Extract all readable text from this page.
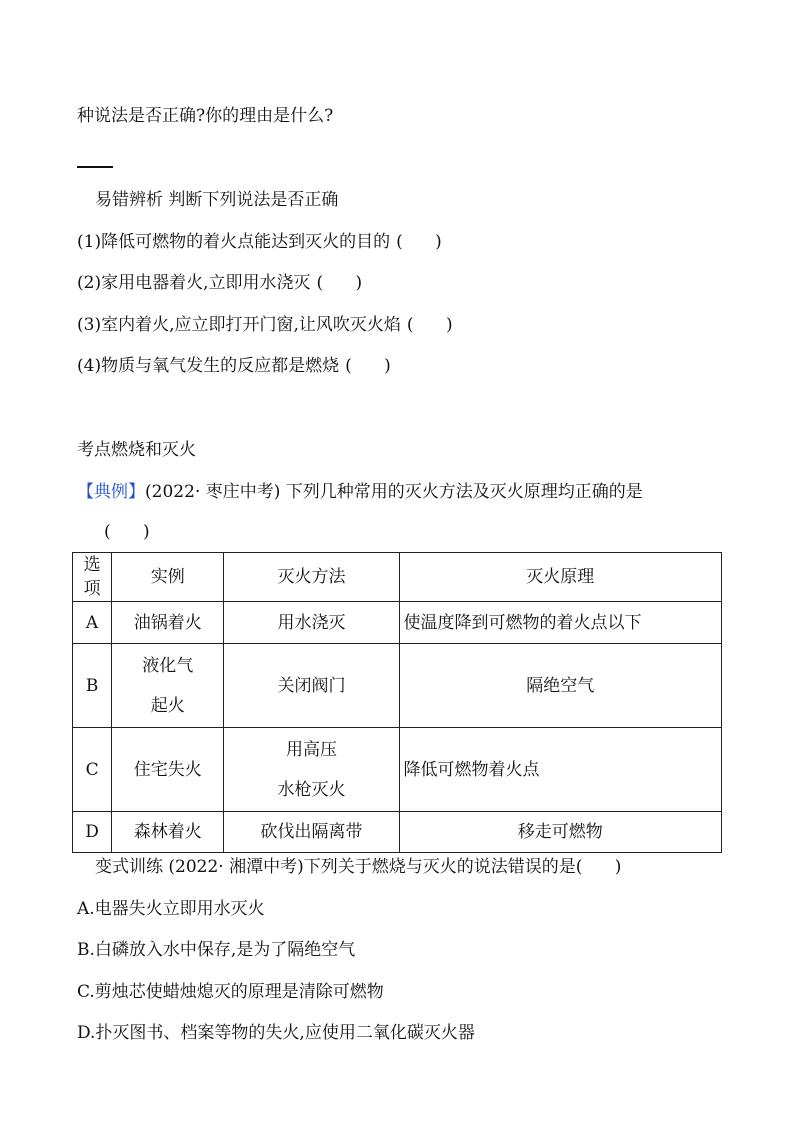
种说法是否正确?你的理由是什么?
易错辨析 判断下列说法是否正确
(1)降低可燃物的着火点能达到灭火的目的 (      )
(2)家用电器着火,立即用水浇灭 (      )
(3)室内着火,应立即打开门窗,让风吹灭火焰 (      )
(4)物质与氧气发生的反应都是燃烧 (      )
考点燃烧和灭火
【典例】(2022· 枣庄中考) 下列几种常用的灭火方法及灭火原理均正确的是
(      )
选项	实例	灭火方法	灭火原理
A	油锅着火	用水浇灭	使温度降到可燃物的着火点以下
B	液化气
起火	关闭阀门	隔绝空气
C	住宅失火	用高压
水枪灭火	降低可燃物着火点
D	森林着火	砍伐出隔离带	移走可燃物
变式训练 (2022· 湘潭中考)下列关于燃烧与灭火的说法错误的是(      )
A.电器失火立即用水灭火
B.白磷放入水中保存,是为了隔绝空气
C.剪烛芯使蜡烛熄灭的原理是清除可燃物
D.扑灭图书、档案等物的失火,应使用二氧化碳灭火器
